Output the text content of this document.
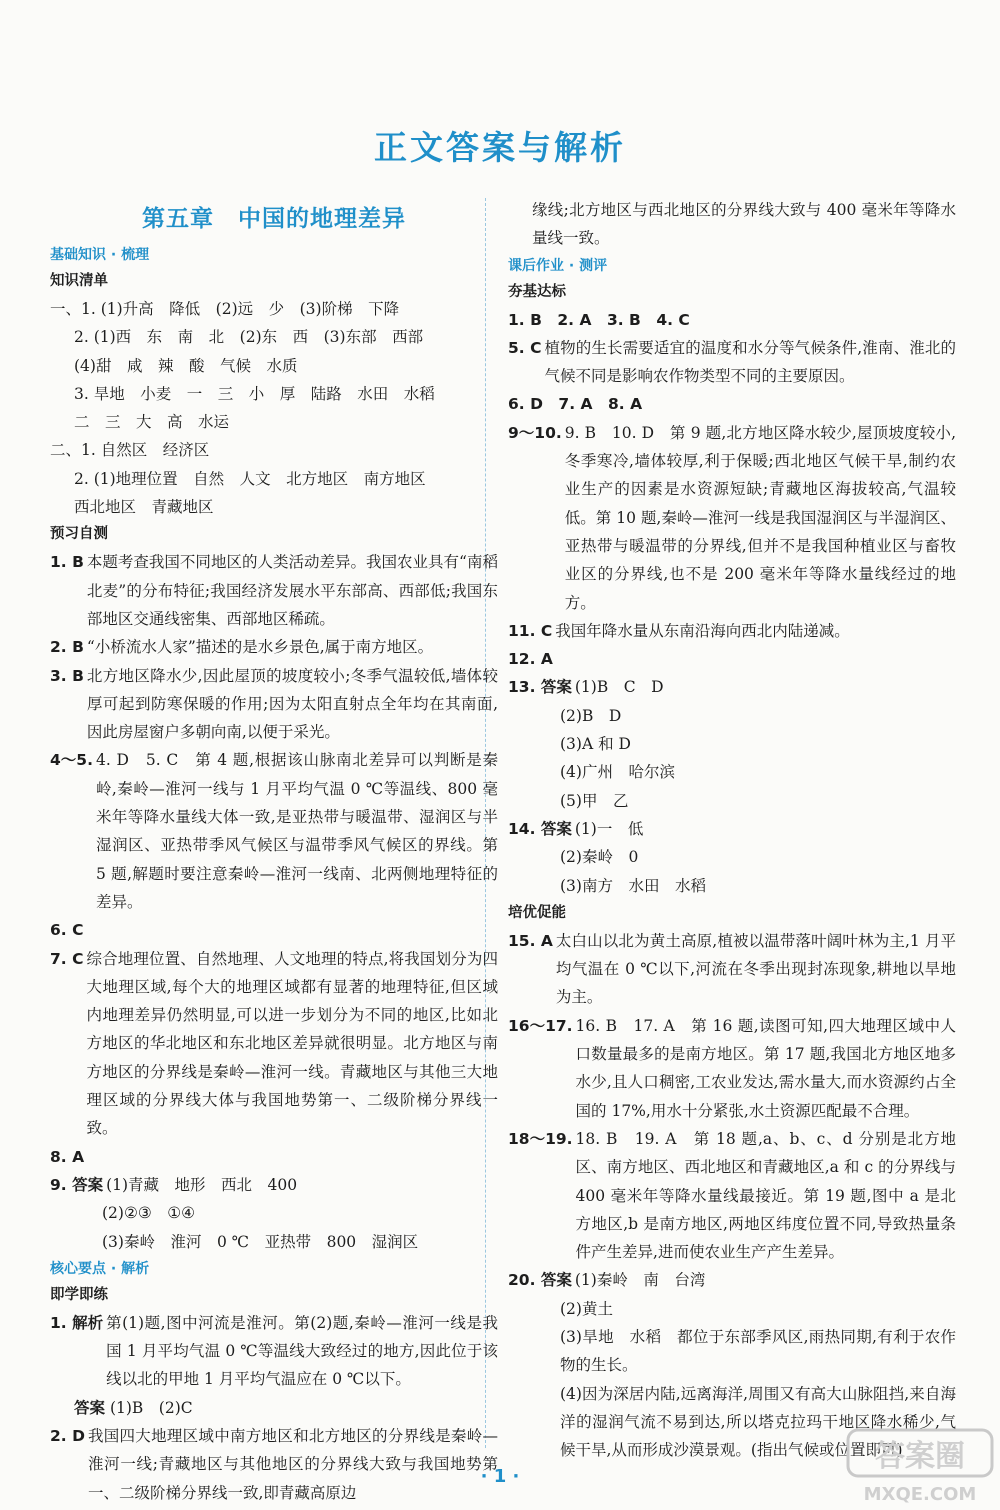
正文答案与解析
第五章　中国的地理差异
基础知识 · 梳理
知识清单

一、1. (1)升高　降低　(2)远　少　(3)阶梯　下降

2. (1)西　东　南　北　(2)东　西　(3)东部　西部

(4)甜　咸　辣　酸　气候　水质

3. 旱地　小麦　一　三　小　厚　陆路　水田　水稻

二　三　大　高　水运

二、1. 自然区　经济区

2. (1)地理位置　自然　人文　北方地区　南方地区

西北地区　青藏地区

预习自测
1. B 本题考查我国不同地区的人类活动差异。我国农业具有“南稻北麦”的分布特征;我国经济发展水平东部高、西部低;我国东部地区交通线密集、西部地区稀疏。
2. B “小桥流水人家”描述的是水乡景色,属于南方地区。
3. B 北方地区降水少,因此屋顶的坡度较小;冬季气温较低,墙体较厚可起到防寒保暖的作用;因为太阳直射点全年均在其南面,因此房屋窗户多朝向南,以便于采光。
4～5. 4. D　5. C　第 4 题,根据该山脉南北差异可以判断是秦岭,秦岭—淮河一线与 1 月平均气温 0 ℃等温线、800 毫米年等降水量线大体一致,是亚热带与暖温带、湿润区与半湿润区、亚热带季风气候区与温带季风气候区的界线。第 5 题,解题时要注意秦岭—淮河一线南、北两侧地理特征的差异。

6. C

7. C 综合地理位置、自然地理、人文地理的特点,将我国划分为四大地理区域,每个大的地理区域都有显著的地理特征,但区域内地理差异仍然明显,可以进一步划分为不同的地区,比如北方地区的华北地区和东北地区差异就很明显。北方地区与南方地区的分界线是秦岭—淮河一线。青藏地区与其他三大地理区域的分界线大体与我国地势第一、二级阶梯分界线一致。

8. A

9. 答案 (1)青藏　地形　西北　400

(2)②③　①④

(3)秦岭　淮河　0 ℃　亚热带　800　湿润区

核心要点 · 解析
即学即练
1. 解析 第(1)题,图中河流是淮河。第(2)题,秦岭—淮河一线是我国 1 月平均气温 0 ℃等温线大致经过的地方,因此位于该线以北的甲地 1 月平均气温应在 0 ℃以下。

答案 (1)B　(2)C

2. D 我国四大地理区域中南方地区和北方地区的分界线是秦岭—淮河一线;青藏地区与其他地区的分界线大致与我国地势第一、二级阶梯分界线一致,即青藏高原边

缘线;北方地区与西北地区的分界线大致与 400 毫米年等降水量线一致。

课后作业 · 测评
夯基达标

1. B　2. A　3. B　4. C

5. C 植物的生长需要适宜的温度和水分等气候条件,淮南、淮北的气候不同是影响农作物类型不同的主要原因。

6. D　7. A　8. A

9～10. 9. B　10. D　第 9 题,北方地区降水较少,屋顶坡度较小,冬季寒冷,墙体较厚,利于保暖;西北地区气候干旱,制约农业生产的因素是水资源短缺;青藏地区海拔较高,气温较低。第 10 题,秦岭—淮河一线是我国湿润区与半湿润区、亚热带与暖温带的分界线,但并不是我国种植业区与畜牧业区的分界线,也不是 200 毫米年等降水量线经过的地方。
11. C 我国年降水量从东南沿海向西北内陆递减。

12. A

13. 答案 (1)B　C　D

(2)B　D

(3)A 和 D

(4)广州　哈尔滨

(5)甲　乙

14. 答案 (1)一　低

(2)秦岭　0

(3)南方　水田　水稻

培优促能
15. A 太白山以北为黄土高原,植被以温带落叶阔叶林为主,1 月平均气温在 0 ℃以下,河流在冬季出现封冻现象,耕地以旱地为主。
16～17. 16. B　17. A　第 16 题,读图可知,四大地理区域中人口数量最多的是南方地区。第 17 题,我国北方地区地多水少,且人口稠密,工农业发达,需水量大,而水资源约占全国的 17%,用水十分紧张,水土资源匹配最不合理。
18～19. 18. B　19. A　第 18 题,a、b、c、d 分别是北方地区、南方地区、西北地区和青藏地区,a 和 c 的分界线与 400 毫米年等降水量线最接近。第 19 题,图中 a 是北方地区,b 是南方地区,两地区纬度位置不同,导致热量条件产生差异,进而使农业生产产生差异。
20. 答案 (1)秦岭　南　台湾

(2)黄土

(3)旱地　水稻　都位于东部季风区,雨热同期,有利于农作物的生长。

(4)因为深居内陆,远离海洋,周围又有高大山脉阻挡,来自海洋的湿润气流不易到达,所以塔克拉玛干地区降水稀少,气候干旱,从而形成沙漠景观。(指出气候或位置即可)

· 1 ·
答案圈
MXQE.COM
